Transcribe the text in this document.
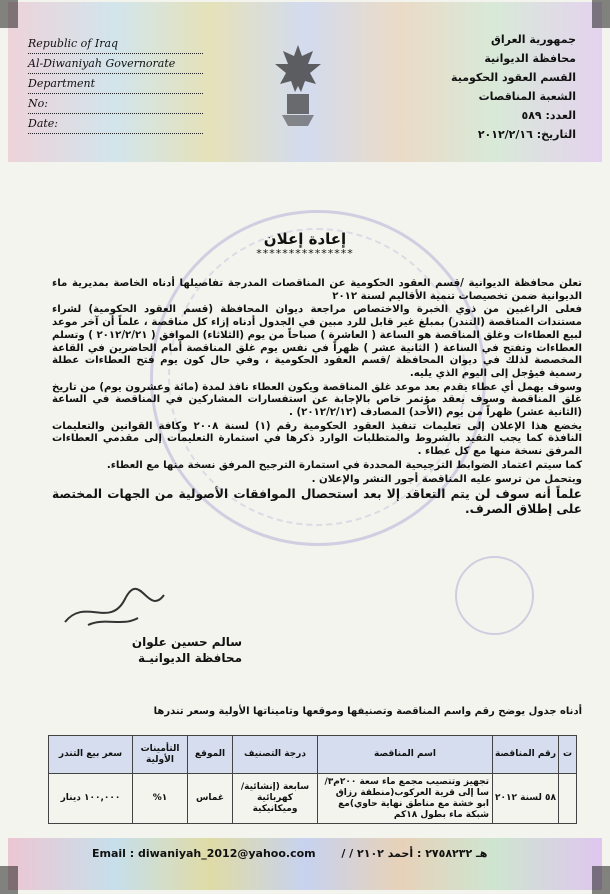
Republic of Iraq
Al-Diwaniyah Governorate
Department
No:
Date:
جمهورية العراق
محافظة الديوانية
القسم العقود الحكومية
الشعبة المناقصات
العدد: ٥٨٩
التاريخ: ٢٠١٢/٢/١٦
إعادة إعلان
***************

تعلن محافظة الديوانية /قسم العقود الحكومية عن المناقصات المدرجة تفاصيلها أدناه الخاصة بمديرية ماء الديوانية ضمن تخصيصات تنمية الأقاليم لسنة ٢٠١٢

فعلى الراغبين من ذوي الخبرة والاختصاص مراجعة ديوان المحافظة (قسم العقود الحكومية) لشراء مستندات المناقصة (التندر) بمبلغ غير قابل للرد مبين في الجدول أدناه إزاء كل مناقصة ، علماً أن آخر موعد لبيع العطاءات وغلق المناقصة هو الساعة ( العاشرة ) صباحاً من يوم (الثلاثاء) الموافق ( ٢٠١٢/٢/٢١ ) وتسلم العطاءات وتفتح في الساعة ( الثانية عشر ) ظهراً في نفس يوم غلق المناقصة أمام الحاضرين في القاعة المخصصة لذلك في ديوان المحافظة /قسم العقود الحكومية ، وفي حال كون يوم فتح العطاءات عطلة رسمية فيؤجل إلى اليوم الذي يليه.

وسوف يهمل أي عطاء يقدم بعد موعد غلق المناقصة ويكون العطاء نافذ لمدة (مائة وعشرون يوم) من تاريخ غلق المناقصة وسوف يعقد مؤتمر خاص بالإجابة عن استفسارات المشاركين في المناقصة في الساعة (الثانية عشر) ظهراً من يوم (الأحد) المصادف (٢٠١٢/٢/١٢) .

يخضع هذا الإعلان إلى تعليمات تنفيذ العقود الحكومية رقم (١) لسنة ٢٠٠٨ وكافة القوانين والتعليمات النافذة كما يجب التقيد بالشروط والمتطلبات الوارد ذكرها في استمارة التعليمات إلى مقدمي العطاءات المرفق نسخة منها مع كل عطاء .

كما سيتم اعتماد الضوابط الترجيحية المحددة في استمارة الترجيح المرفق نسخة منها مع العطاء.

ويتحمل من ترسو عليه المناقصة أجور النشر والإعلان .

علماً أنه سوف لن يتم التعاقد إلا بعد استحصال الموافقات الأصولية من الجهات المختصة على إطلاق الصرف.

سالم حسين علوان
محافظة الديوانيـة
أدناه جدول يوضح رقم واسم المناقصة وتصنيفها وموقعها وتاميناتها الأولية وسعر تندرها
ت	رقم المناقصة	اسم المناقصة	درجة التصنيف	الموقع	التأمينات الأولية	سعر بيع التندر
	٥٨ لسنة ٢٠١٢	تجهيز وتنصيب مجمع ماء سعة ٢٠٠م٣/سا إلى قرية العركوب(منطقة رزاق ابو خشة مع مناطق نهاية حاوي)مع شبكة ماء بطول ١٨كم	سابعة (إنشائية/ كهربائية وميكانيكية	غماس	١%	١٠٠,٠٠٠ دينار
Email : diwaniyah_2012@yahoo.com هـ ٢٣٢٨٥٧٢ : أحمد ٢٠١٢ / /
